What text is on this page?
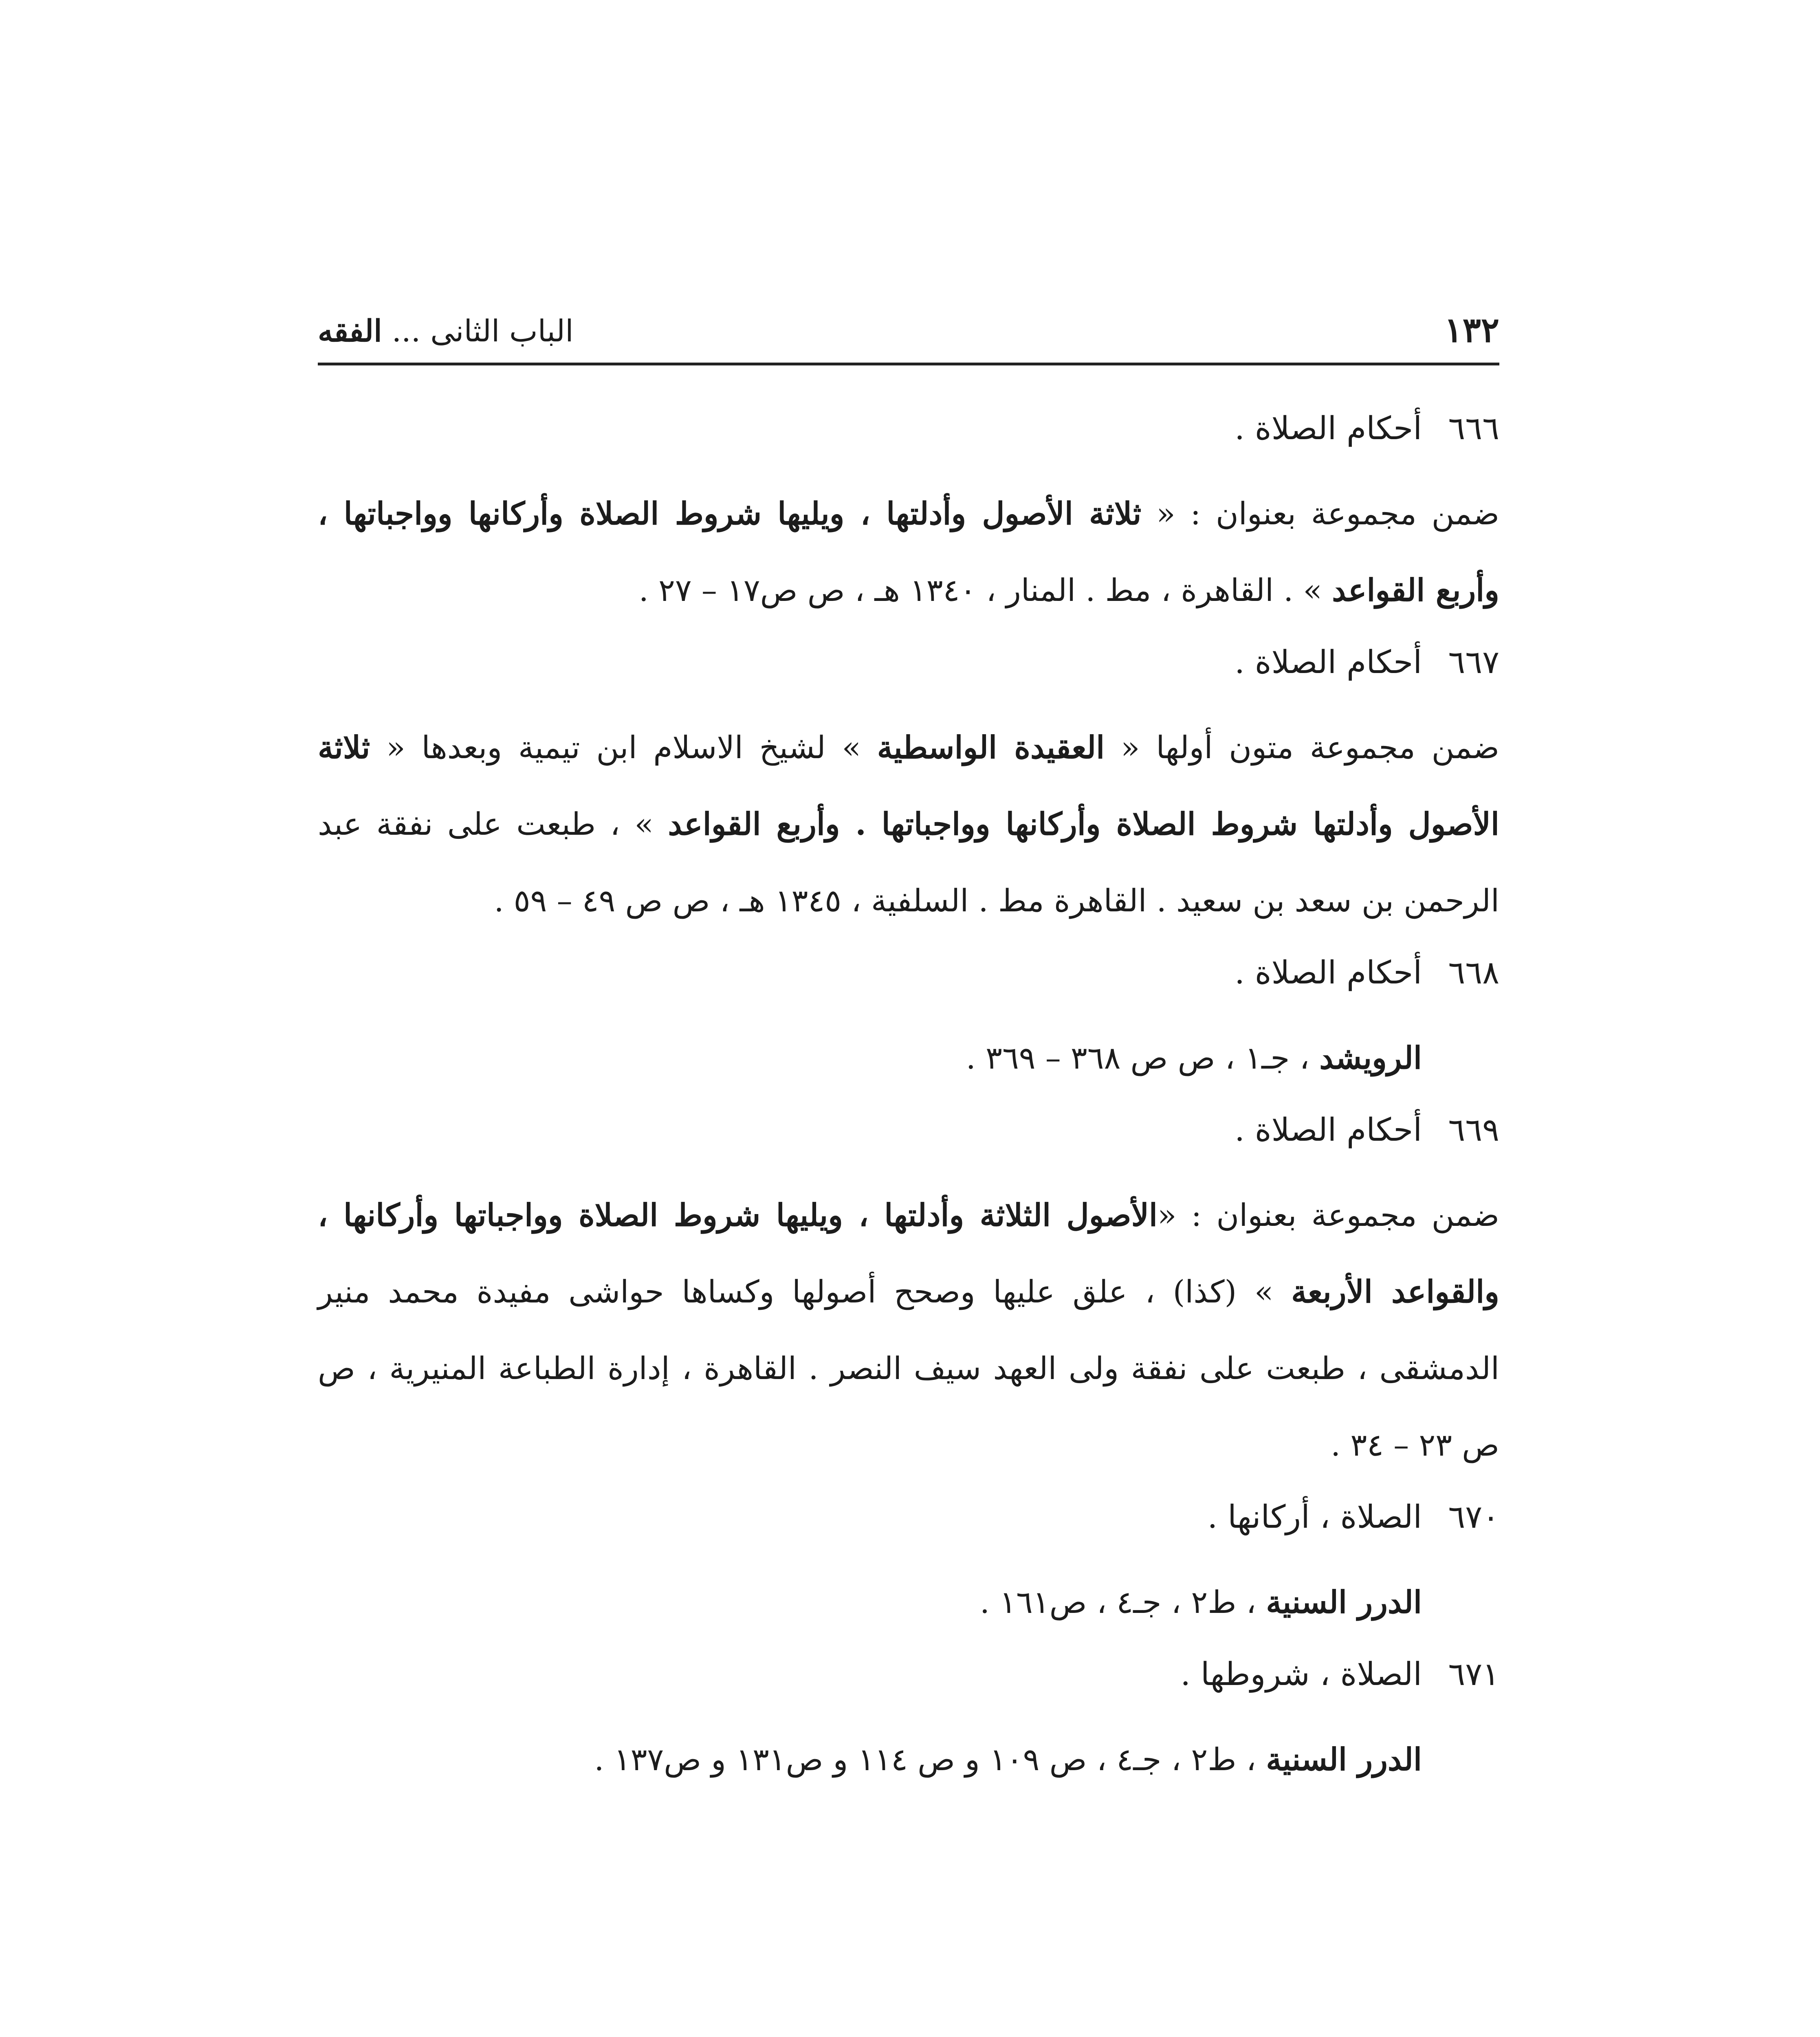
١٣٢
الباب الثانى...الفقه
٦٦٦
أحكام الصلاة .

ضمن مجموعة بعنوان : « ثلاثة الأصول وأدلتها ، ويليها شروط الصلاة وأركانها وواجباتها ، وأربع القواعد » . القاهرة ، مط . المنار ، ١٣٤٠ هـ ، ص ص١٧ – ٢٧ .

٦٦٧
أحكام الصلاة .

ضمن مجموعة متون أولها « العقيدة الواسطية » لشيخ الاسلام ابن تيمية وبعدها « ثلاثة الأصول وأدلتها شروط الصلاة وأركانها وواجباتها . وأربع القواعد » ، طبعت على نفقة عبد الرحمن بن سعد بن سعيد . القاهرة مط . السلفية ، ١٣٤٥ هـ ، ص ص ٤٩ – ٥٩ .

٦٦٨
أحكام الصلاة .

الرويشد ، جـ١ ، ص ص ٣٦٨ – ٣٦٩ .

٦٦٩
أحكام الصلاة .

ضمن مجموعة بعنوان : «الأصول الثلاثة وأدلتها ، ويليها شروط الصلاة وواجباتها وأركانها ، والقواعد الأربعة » (كذا) ، علق عليها وصحح أصولها وكساها حواشى مفيدة محمد منير الدمشقى ، طبعت على نفقة ولى العهد سيف النصر . القاهرة ، إدارة الطباعة المنيرية ، ص ص ٢٣ – ٣٤ .

٦٧٠
الصلاة ، أركانها .

الدرر السنية ، ط٢ ، جـ٤ ، ص١٦١ .

٦٧١
الصلاة ، شروطها .

الدرر السنية ، ط٢ ، جـ٤ ، ص ١٠٩ و ص ١١٤ و ص١٣١ و ص١٣٧ .
